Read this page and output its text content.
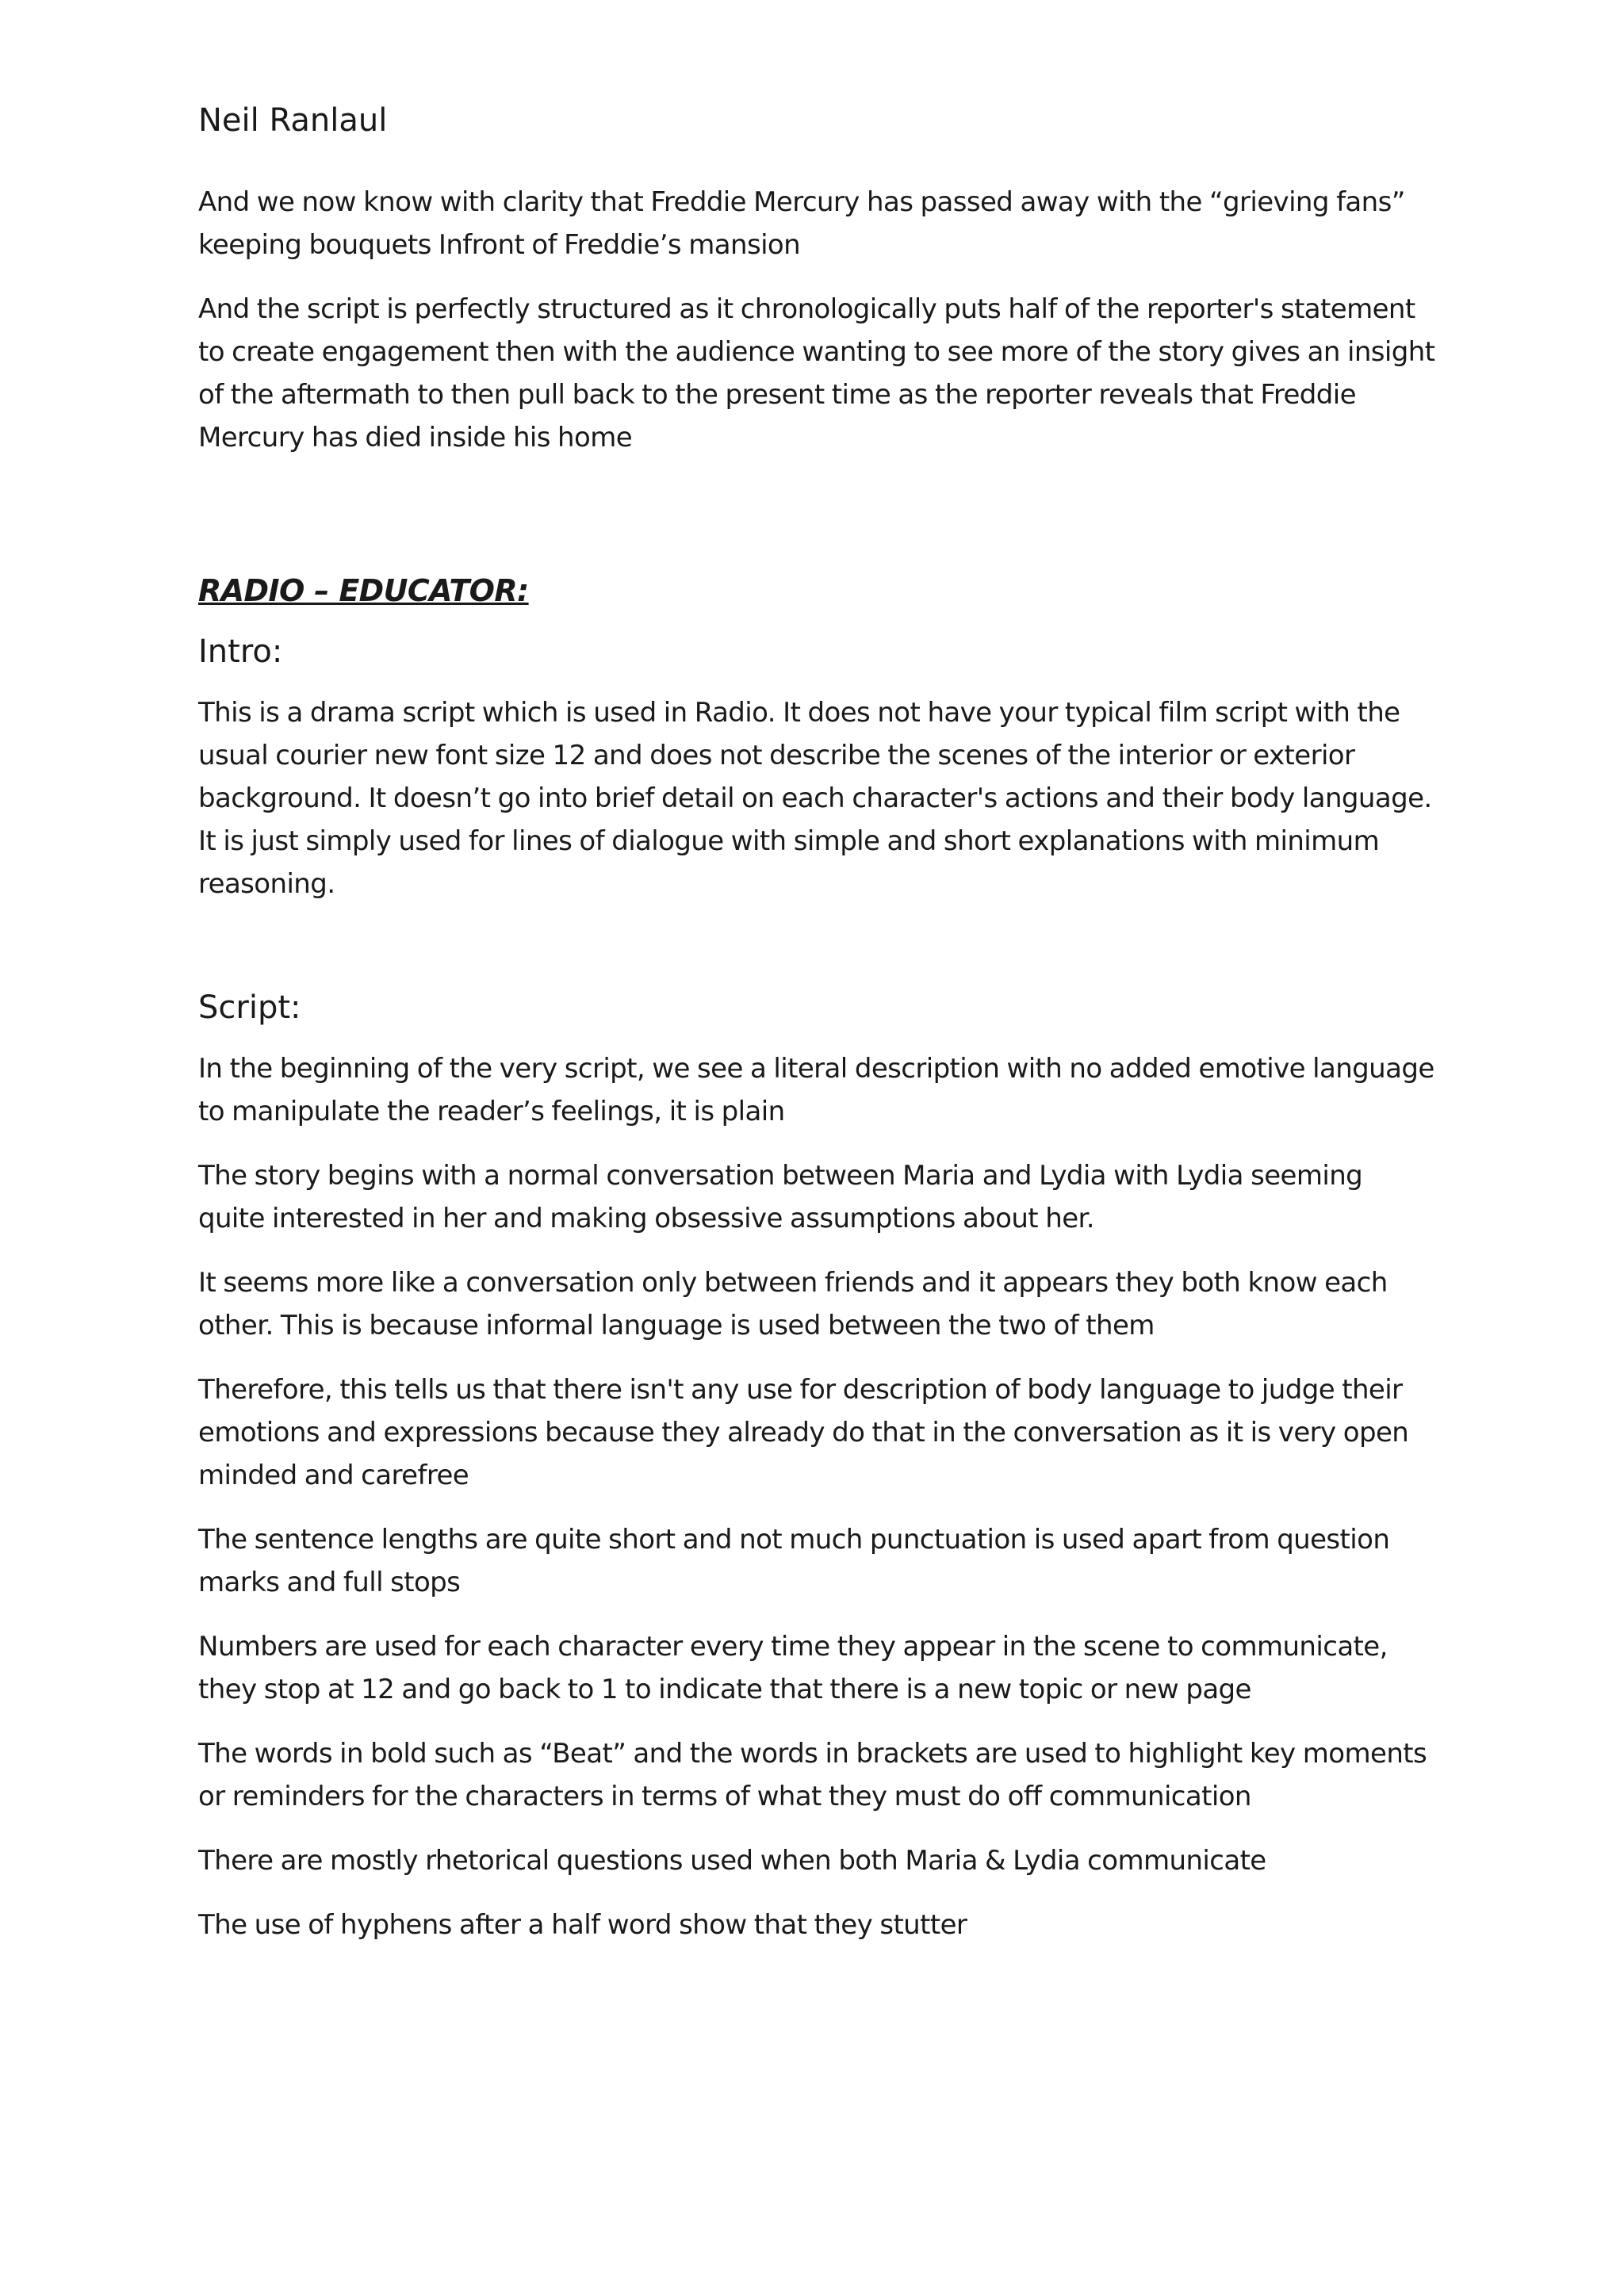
Neil Ranlaul

And we now know with clarity that Freddie Mercury has passed away with the “grieving fans” keeping bouquets Infront of Freddie’s mansion

And the script is perfectly structured as it chronologically puts half of the reporter's statement to create engagement then with the audience wanting to see more of the story gives an insight of the aftermath to then pull back to the present time as the reporter reveals that Freddie Mercury has died inside his home

RADIO – EDUCATOR:
Intro:

This is a drama script which is used in Radio. It does not have your typical film script with the usual courier new font size 12 and does not describe the scenes of the interior or exterior background. It doesn’t go into brief detail on each character's actions and their body language. It is just simply used for lines of dialogue with simple and short explanations with minimum reasoning.

Script:

In the beginning of the very script, we see a literal description with no added emotive language to manipulate the reader’s feelings, it is plain

The story begins with a normal conversation between Maria and Lydia with Lydia seeming quite interested in her and making obsessive assumptions about her.

It seems more like a conversation only between friends and it appears they both know each other. This is because informal language is used between the two of them

Therefore, this tells us that there isn't any use for description of body language to judge their emotions and expressions because they already do that in the conversation as it is very open minded and carefree

The sentence lengths are quite short and not much punctuation is used apart from question marks and full stops

Numbers are used for each character every time they appear in the scene to communicate, they stop at 12 and go back to 1 to indicate that there is a new topic or new page

The words in bold such as “Beat” and the words in brackets are used to highlight key moments or reminders for the characters in terms of what they must do off communication

There are mostly rhetorical questions used when both Maria & Lydia communicate

The use of hyphens after a half word show that they stutter
